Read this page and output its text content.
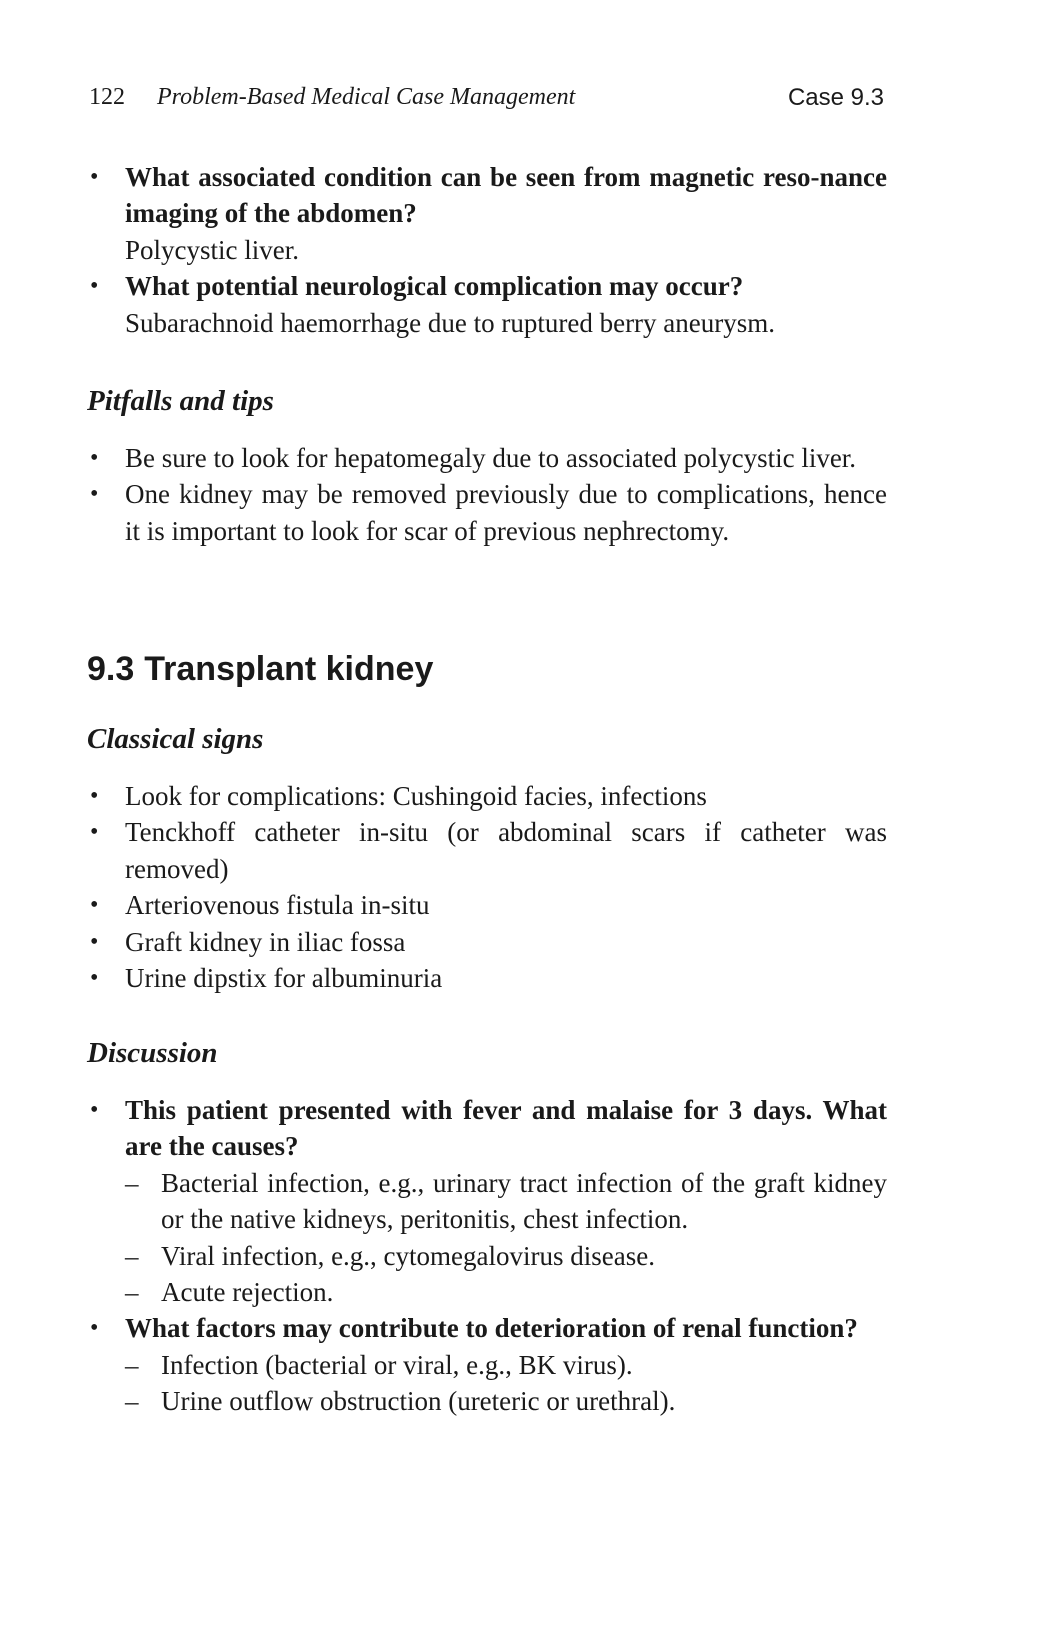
122 Problem-Based Medical Case Management	Case 9.3
• What associated condition can be seen from magnetic reso-nance imaging of the abdomen?
Polycystic liver.
• What potential neurological complication may occur?
Subarachnoid haemorrhage due to ruptured berry aneurysm.
Pitfalls and tips
• Be sure to look for hepatomegaly due to associated polycystic liver.
• One kidney may be removed previously due to complications, hence it is important to look for scar of previous nephrectomy.
9.3 Transplant kidney
Classical signs
• Look for complications: Cushingoid facies, infections
• Tenckhoff catheter in-situ (or abdominal scars if catheter was removed)
• Arteriovenous fistula in-situ
• Graft kidney in iliac fossa
• Urine dipstix for albuminuria
Discussion
• This patient presented with fever and malaise for 3 days. What are the causes?
– Bacterial infection, e.g., urinary tract infection of the graft kidney or the native kidneys, peritonitis, chest infection.
– Viral infection, e.g., cytomegalovirus disease.
– Acute rejection.
• What factors may contribute to deterioration of renal function?
– Infection (bacterial or viral, e.g., BK virus).
– Urine outflow obstruction (ureteric or urethral).
